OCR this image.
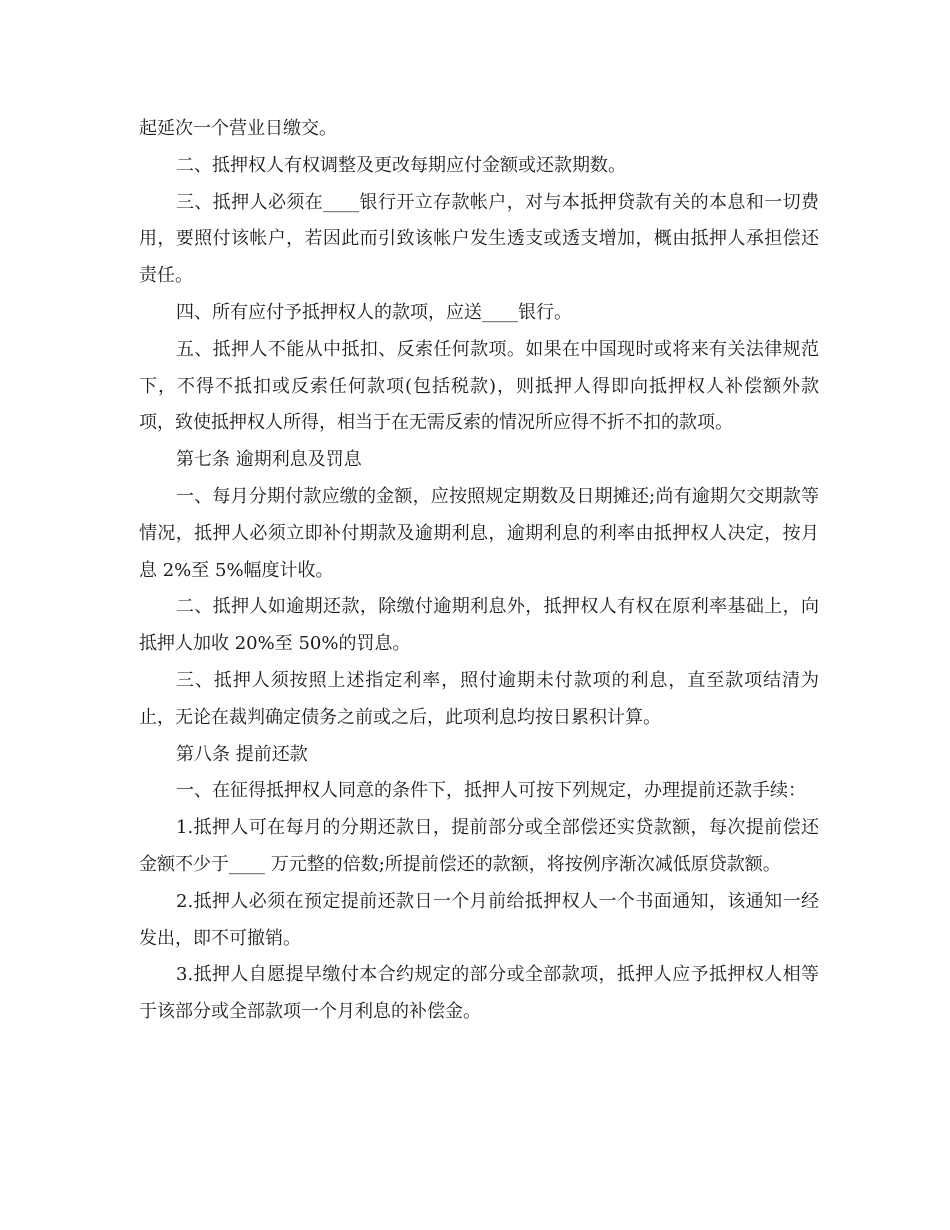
起延次一个营业日缴交。

二、抵押权人有权调整及更改每期应付金额或还款期数。

三、抵押人必须在____银行开立存款帐户，对与本抵押贷款有关的本息和一切费用，要照付该帐户，若因此而引致该帐户发生透支或透支增加，概由抵押人承担偿还责任。

四、所有应付予抵押权人的款项，应送____银行。

五、抵押人不能从中抵扣、反索任何款项。如果在中国现时或将来有关法律规范下，不得不抵扣或反索任何款项(包括税款)，则抵押人得即向抵押权人补偿额外款项，致使抵押权人所得，相当于在无需反索的情况所应得不折不扣的款项。

第七条 逾期利息及罚息

一、每月分期付款应缴的金额，应按照规定期数及日期摊还;尚有逾期欠交期款等情况，抵押人必须立即补付期款及逾期利息，逾期利息的利率由抵押权人决定，按月息 2%至 5%幅度计收。

二、抵押人如逾期还款，除缴付逾期利息外，抵押权人有权在原利率基础上，向抵押人加收 20%至 50%的罚息。

三、抵押人须按照上述指定利率，照付逾期未付款项的利息，直至款项结清为止，无论在裁判确定债务之前或之后，此项利息均按日累积计算。

第八条 提前还款

一、在征得抵押权人同意的条件下，抵押人可按下列规定，办理提前还款手续：

1.抵押人可在每月的分期还款日，提前部分或全部偿还实贷款额，每次提前偿还金额不少于____ 万元整的倍数;所提前偿还的款额，将按例序渐次减低原贷款额。

2.抵押人必须在预定提前还款日一个月前给抵押权人一个书面通知，该通知一经发出，即不可撤销。

3.抵押人自愿提早缴付本合约规定的部分或全部款项，抵押人应予抵押权人相等于该部分或全部款项一个月利息的补偿金。
